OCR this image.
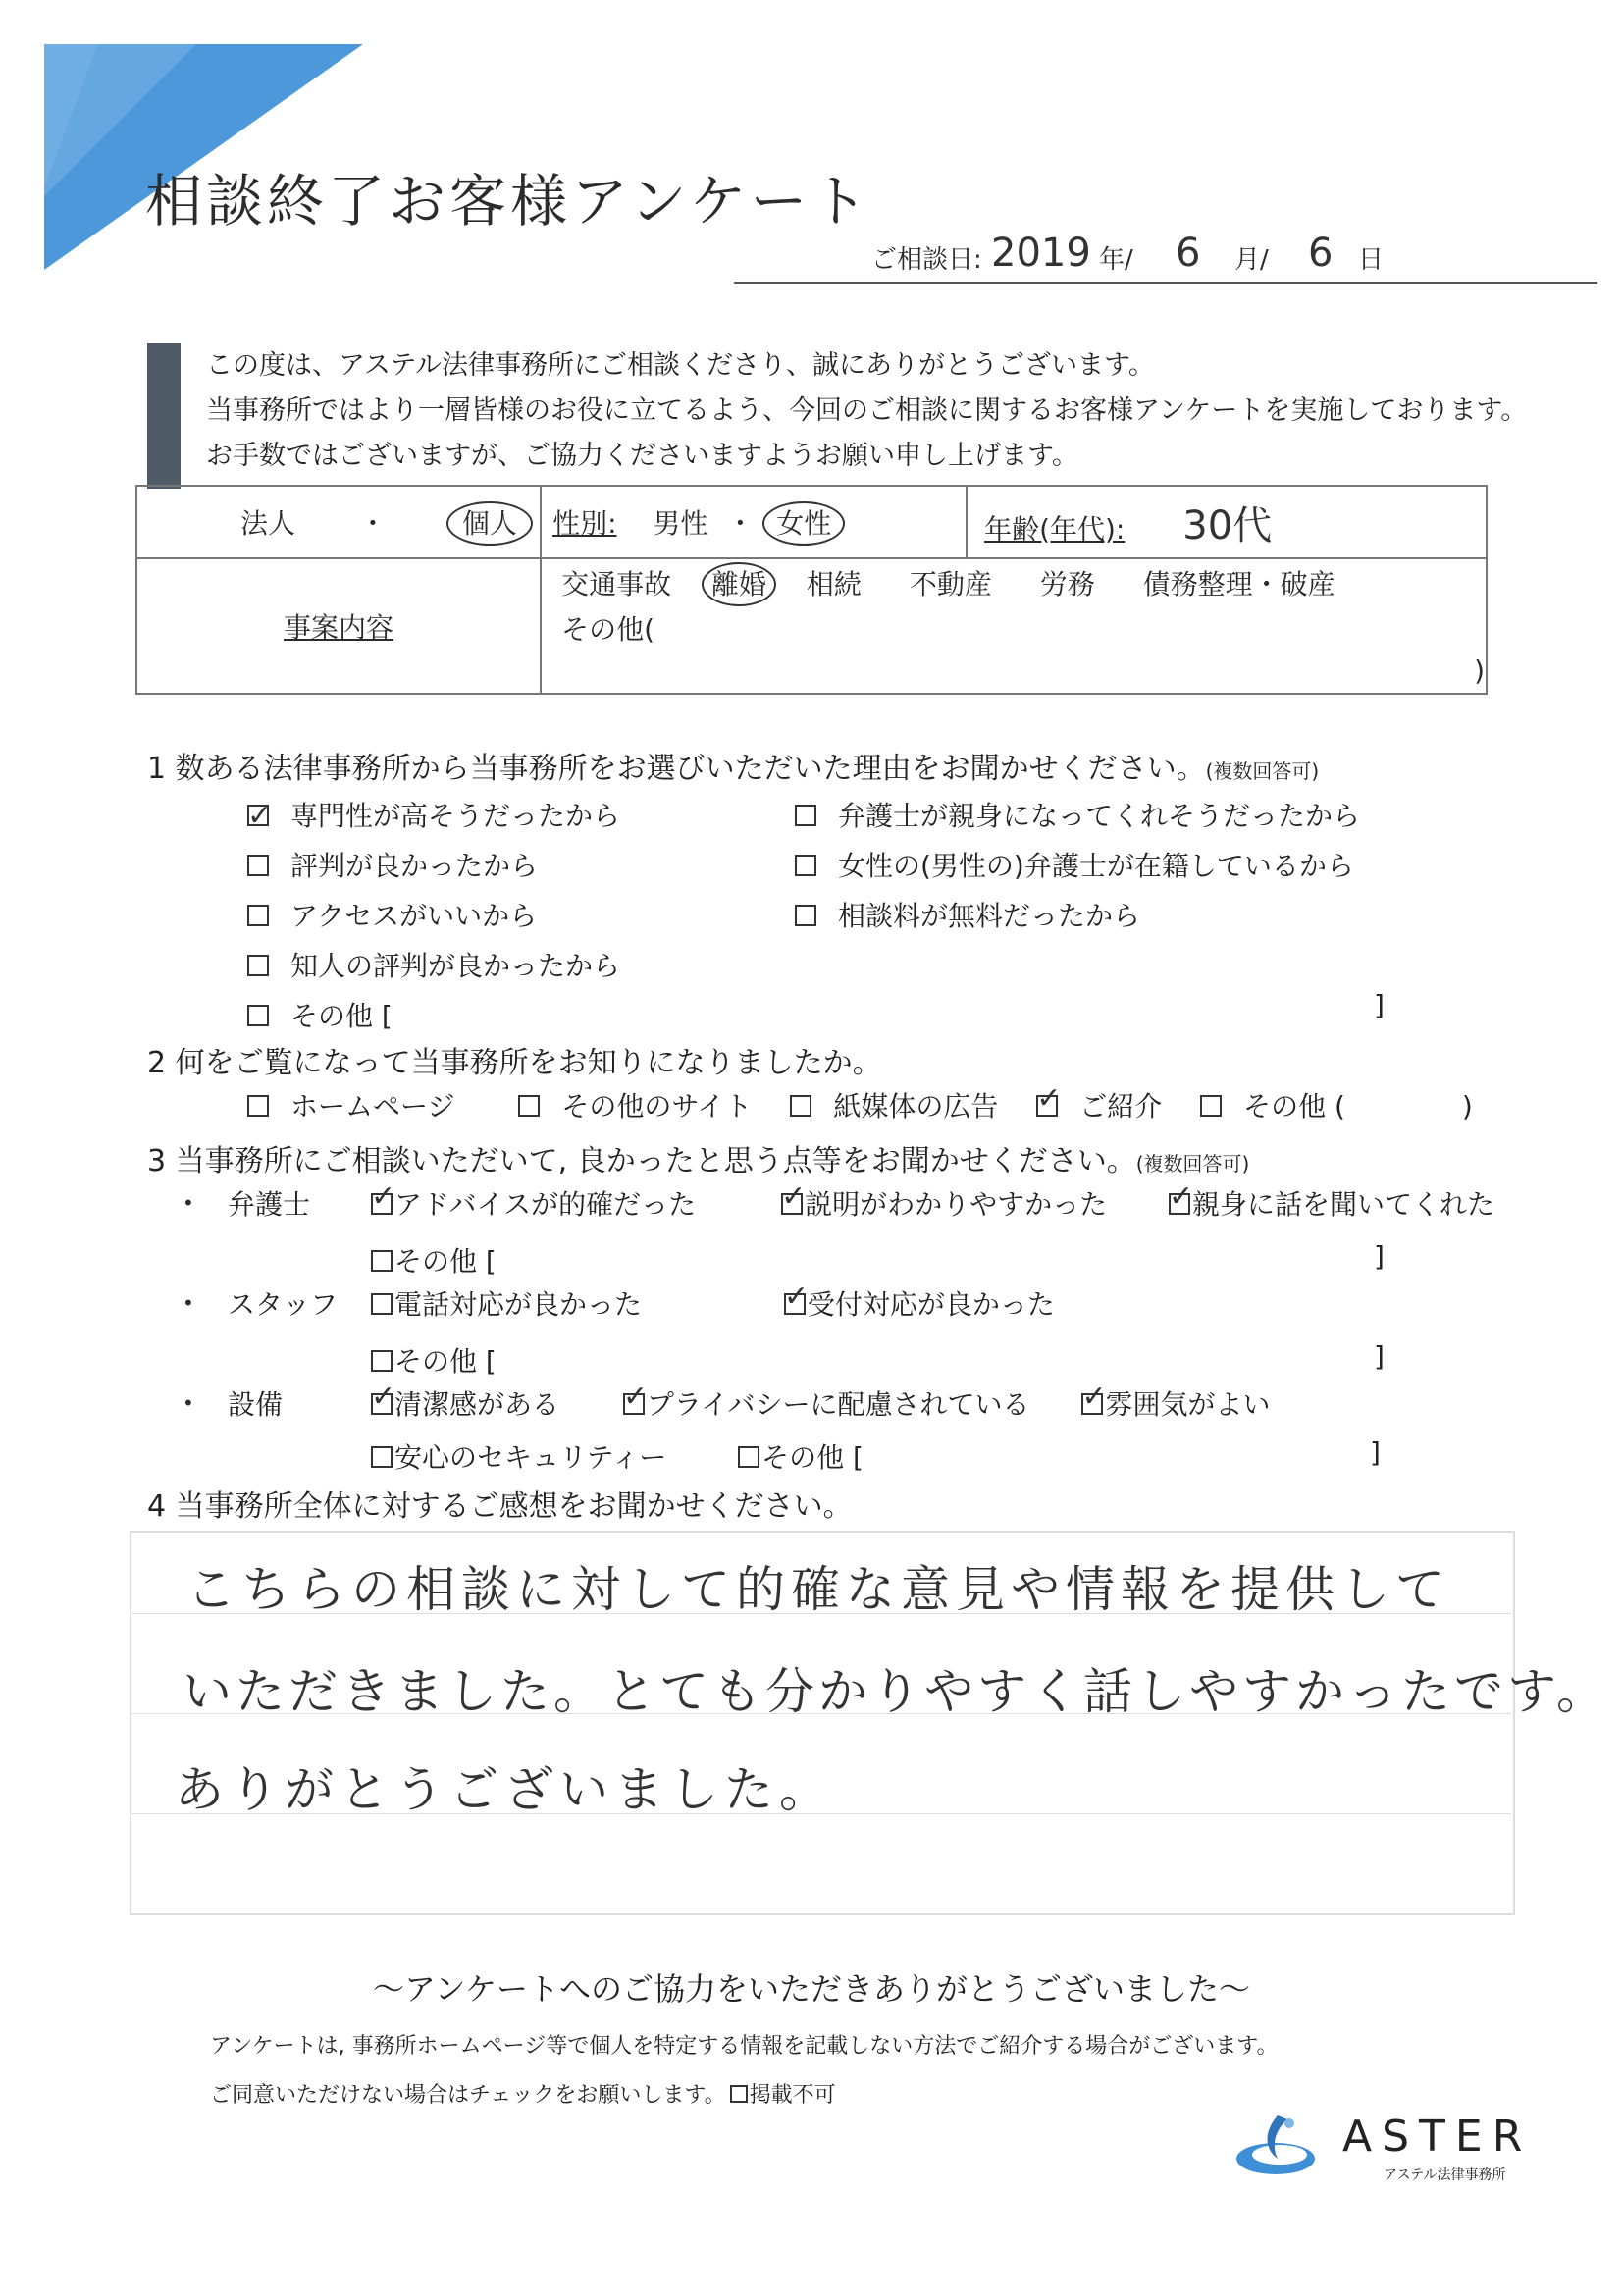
相談終了お客様アンケート
ご相談日: 2019 年/ 6 月/ 6 日
この度は、アステル法律事務所にご相談くださり、誠にありがとうございます。
当事務所ではより一層皆様のお役に立てるよう、今回のご相談に関するお客様アンケートを実施しております。
お手数ではございますが、ご協力くださいますようお願い申し上げます。
法人 ・ 個人	性別: 男性 ・ 女性	年齢(年代): 30代
事案内容	交通事故 離婚 相続 不動産 労務 債務整理・破産
その他( )	
1 数ある法律事務所から当事務所をお選びいただいた理由をお聞かせください。(複数回答可)
✓専門性が高そうだったから
評判が良かったから
アクセスがいいから
知人の評判が良かったから
その他 [	]
弁護士が親身になってくれそうだったから
女性の(男性の)弁護士が在籍しているから
相談料が無料だったから
2 何をご覧になって当事務所をお知りになりましたか。
ホームページ	その他のサイト	紙媒体の広告 ✓	ご紹介	その他 (	)
3 当事務所にご相談いただいて, 良かったと思う点等をお聞かせください。(複数回答可)
• 弁護士 ✓	アドバイスが的確だった ✓	説明がわかりやすかった ✓	親身に話を聞いてくれた
その他 [	]
• スタッフ	電話対応が良かった ✓	受付対応が良かった
その他 [	]
• 設備 ✓	清潔感がある ✓	プライバシーに配慮されている ✓	雰囲気がよい
安心のセキュリティー	その他 [	]
4 当事務所全体に対するご感想をお聞かせください。
こちらの相談に対して的確な意見や情報を提供して
いただきました。とても分かりやすく話しやすかったです。
ありがとうございました。
〜アンケートへのご協力をいただきありがとうございました〜
アンケートは, 事務所ホームページ等で個人を特定する情報を記載しない方法でご紹介する場合がございます。
ご同意いただけない場合はチェックをお願いします。 掲載不可
ASTER
アステル法律事務所
